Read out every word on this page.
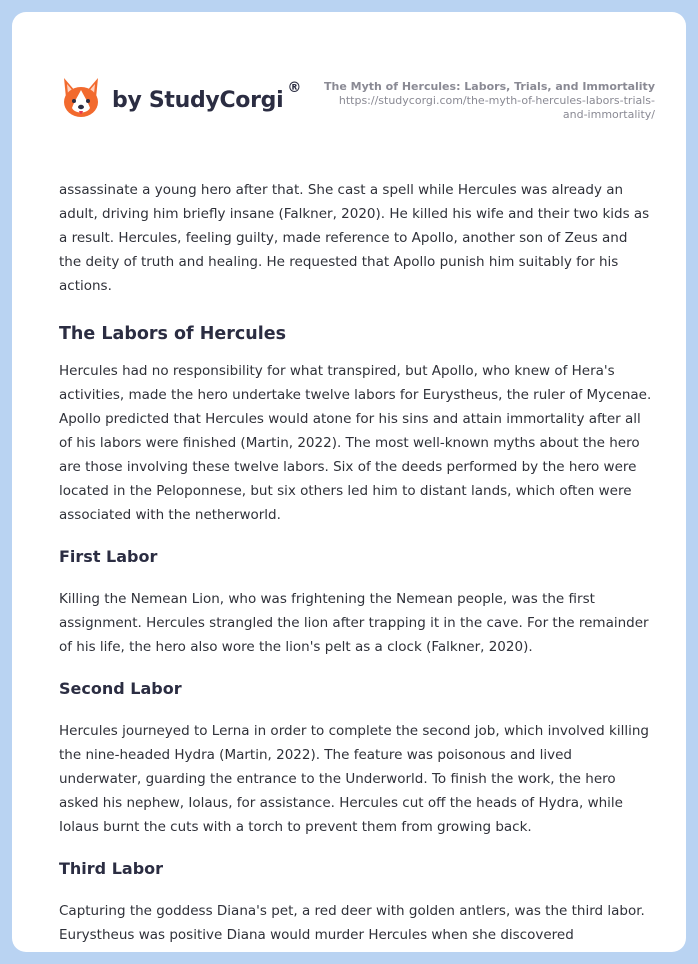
by StudyCorgi ®	The Myth of Hercules: Labors, Trials, and Immortality
https://studycorgi.com/the-myth-of-hercules-labors-trials-
and-immortality/

assassinate a young hero after that. She cast a spell while Hercules was already an adult, driving him briefly insane (Falkner, 2020). He killed his wife and their two kids as a result. Hercules, feeling guilty, made reference to Apollo, another son of Zeus and the deity of truth and healing. He requested that Apollo punish him suitably for his actions.

The Labors of Hercules

Hercules had no responsibility for what transpired, but Apollo, who knew of Hera's activities, made the hero undertake twelve labors for Eurystheus, the ruler of Mycenae. Apollo predicted that Hercules would atone for his sins and attain immortality after all of his labors were finished (Martin, 2022). The most well-known myths about the hero are those involving these twelve labors. Six of the deeds performed by the hero were located in the Peloponnese, but six others led him to distant lands, which often were associated with the netherworld.

First Labor

Killing the Nemean Lion, who was frightening the Nemean people, was the first assignment. Hercules strangled the lion after trapping it in the cave. For the remainder of his life, the hero also wore the lion's pelt as a clock (Falkner, 2020).

Second Labor

Hercules journeyed to Lerna in order to complete the second job, which involved killing the nine-headed Hydra (Martin, 2022). The feature was poisonous and lived underwater, guarding the entrance to the Underworld. To finish the work, the hero asked his nephew, Iolaus, for assistance. Hercules cut off the heads of Hydra, while Iolaus burnt the cuts with a torch to prevent them from growing back.

Third Labor

Capturing the goddess Diana's pet, a red deer with golden antlers, was the third labor. Eurystheus was positive Diana would murder Hercules when she discovered
